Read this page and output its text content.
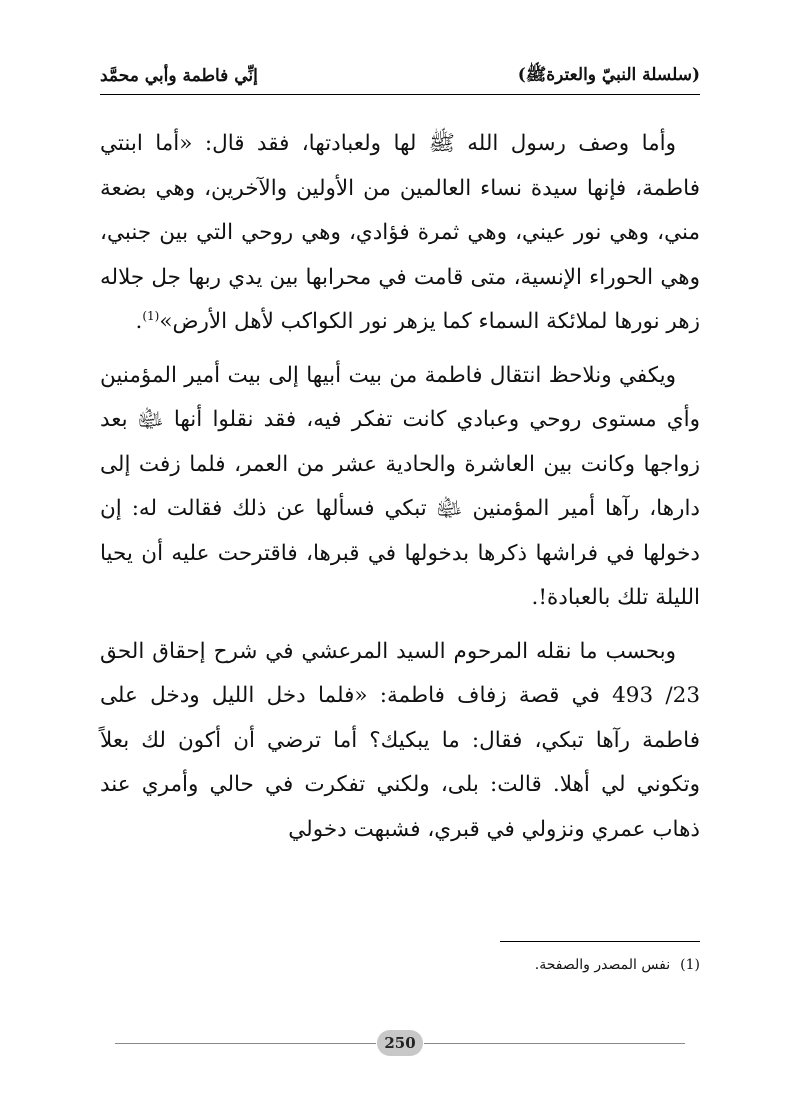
(سلسلة النبيّ والعترةﷺ)
إنِّي فاطمة وأبي محمَّد

وأما وصف رسول الله ﷺ لها ولعبادتها، فقد قال: «أما ابنتي فاطمة، فإنها سيدة نساء العالمين من الأولين والآخرين، وهي بضعة مني، وهي نور عيني، وهي ثمرة فؤادي، وهي روحي التي بين جنبي، وهي الحوراء الإنسية، متى قامت في محرابها بين يدي ربها جل جلاله زهر نورها لملائكة السماء كما يزهر نور الكواكب لأهل الأرض»$^{(1)}$.

ويكفي ونلاحظ انتقال فاطمة من بيت أبيها إلى بيت أمير المؤمنين وأي مستوى روحي وعبادي كانت تفكر فيه، فقد نقلوا أنها ﵍ بعد زواجها وكانت بين العاشرة والحادية عشر من العمر، فلما زفت إلى دارها، رآها أمير المؤمنين ﵍ تبكي فسألها عن ذلك فقالت له: إن دخولها في فراشها ذكرها بدخولها في قبرها، فاقترحت عليه أن يحيا الليلة تلك بالعبادة!.

وبحسب ما نقله المرحوم السيد المرعشي في شرح إحقاق الحق 23/ 493 في قصة زفاف فاطمة: «فلما دخل الليل ودخل على فاطمة رآها تبكي، فقال: ما يبكيك؟ أما ترضي أن أكون لك بعلاً وتكوني لي أهلا. قالت: بلى، ولكني تفكرت في حالي وأمري عند ذهاب عمري ونزولي في قبري، فشبهت دخولي

(1)نفس المصدر والصفحة.
250
